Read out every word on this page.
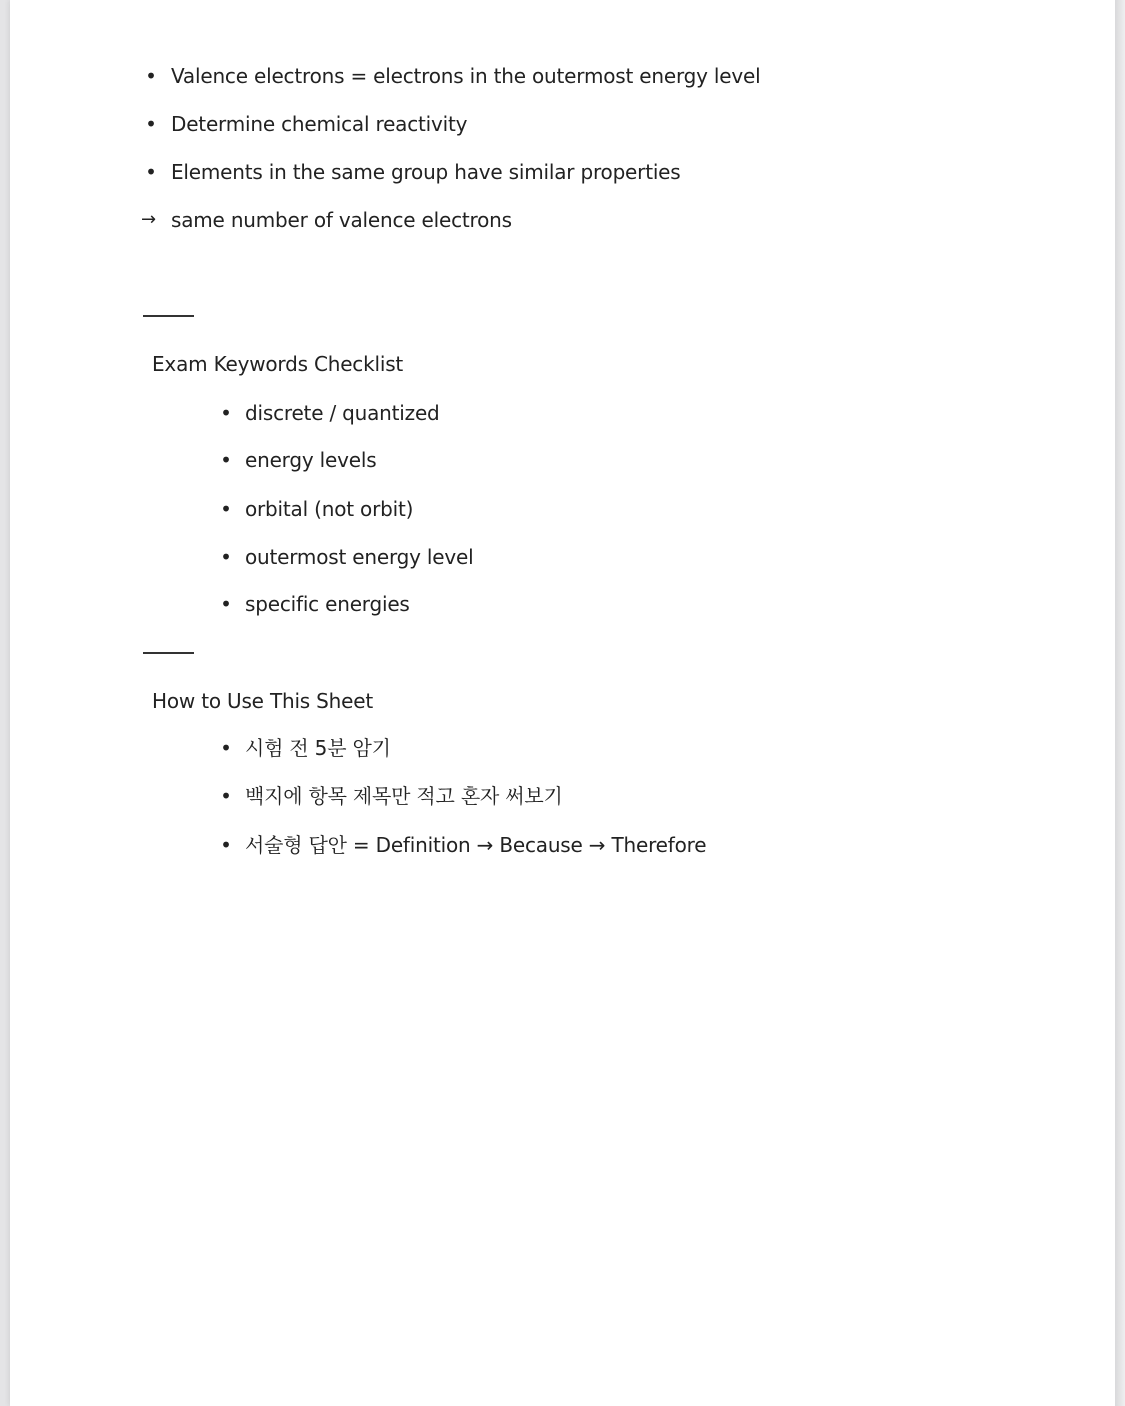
• Valence electrons = electrons in the outermost energy level
• Determine chemical reactivity
• Elements in the same group have similar properties
→ same number of valence electrons
Exam Keywords Checklist
• discrete / quantized
• energy levels
• orbital (not orbit)
• outermost energy level
• specific energies
How to Use This Sheet
• 시험 전 5분 암기
• 백지에 항목 제목만 적고 혼자 써보기
• 서술형 답안 = Definition → Because → Therefore
